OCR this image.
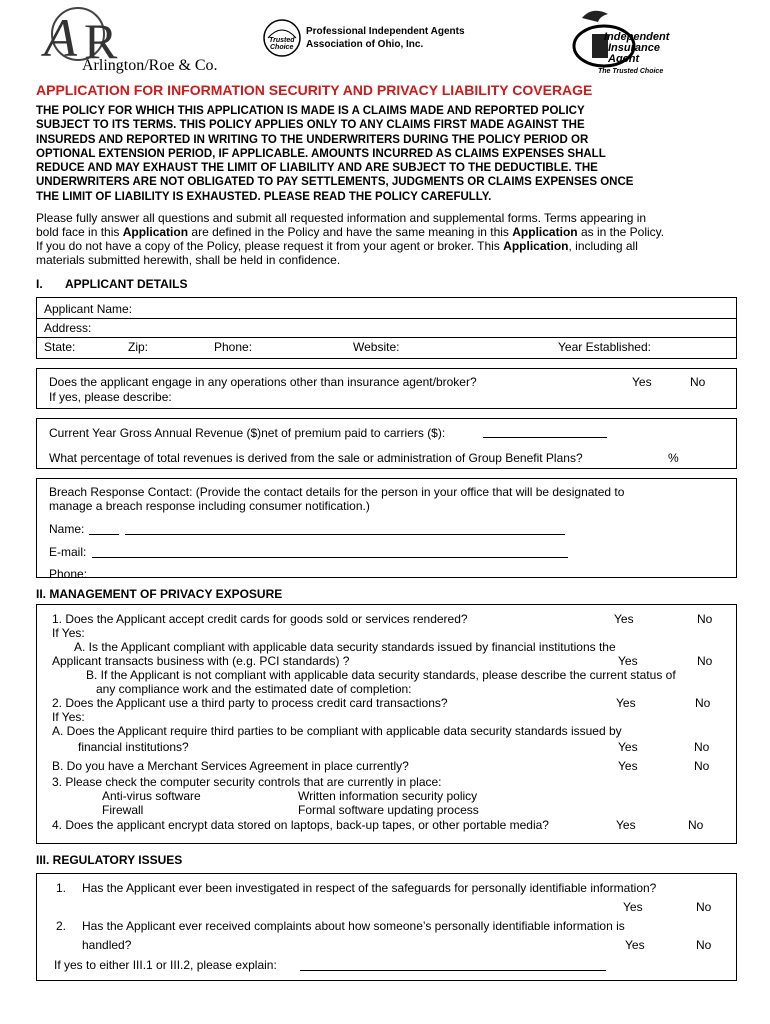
A R
Arlington/Roe & Co.
Trusted
Choice
Professional Independent Agents
Association of Ohio, Inc.
Independent
Insurance
Agent
The Trusted Choice
APPLICATION FOR INFORMATION SECURITY AND PRIVACY LIABILITY COVERAGE
THE POLICY FOR WHICH THIS APPLICATION IS MADE IS A CLAIMS MADE AND REPORTED POLICY
SUBJECT TO ITS TERMS. THIS POLICY APPLIES ONLY TO ANY CLAIMS FIRST MADE AGAINST THE
INSUREDS AND REPORTED IN WRITING TO THE UNDERWRITERS DURING THE POLICY PERIOD OR
OPTIONAL EXTENSION PERIOD, IF APPLICABLE. AMOUNTS INCURRED AS CLAIMS EXPENSES SHALL
REDUCE AND MAY EXHAUST THE LIMIT OF LIABILITY AND ARE SUBJECT TO THE DEDUCTIBLE. THE
UNDERWRITERS ARE NOT OBLIGATED TO PAY SETTLEMENTS, JUDGMENTS OR CLAIMS EXPENSES ONCE
THE LIMIT OF LIABILITY IS EXHAUSTED. PLEASE READ THE POLICY CAREFULLY.
Please fully answer all questions and submit all requested information and supplemental forms. Terms appearing in
bold face in this Application are defined in the Policy and have the same meaning in this Application as in the Policy.
If you do not have a copy of the Policy, please request it from your agent or broker. This Application, including all
materials submitted herewith, shall be held in confidence.
I. APPLICANT DETAILS
Applicant Name:
Address:
State:	Zip:	Phone:	Website:	Year Established:
Does the applicant engage in any operations other than insurance agent/broker?	Yes	No
If yes, please describe:
Current Year Gross Annual Revenue ($)net of premium paid to carriers ($):
What percentage of total revenues is derived from the sale or administration of Group Benefit Plans?	%
Breach Response Contact: (Provide the contact details for the person in your office that will be designated to
manage a breach response including consumer notification.)
Name:
E-mail:
Phone:
II. MANAGEMENT OF PRIVACY EXPOSURE
1. Does the Applicant accept credit cards for goods sold or services rendered?	Yes	No
If Yes:
A. Is the Applicant compliant with applicable data security standards issued by financial institutions the
Applicant transacts business with (e.g. PCI standards) ?	Yes	No
B. If the Applicant is not compliant with applicable data security standards, please describe the current status of
any compliance work and the estimated date of completion:
2. Does the Applicant use a third party to process credit card transactions?	Yes	No
If Yes:
A. Does the Applicant require third parties to be compliant with applicable data security standards issued by
financial institutions?	Yes	No
B. Do you have a Merchant Services Agreement in place currently?	Yes	No
3. Please check the computer security controls that are currently in place:
Anti-virus software	Written information security policy
Firewall	Formal software updating process
4. Does the applicant encrypt data stored on laptops, back-up tapes, or other portable media?	Yes	No
III. REGULATORY ISSUES
1. Has the Applicant ever been investigated in respect of the safeguards for personally identifiable information?
Yes	No
2. Has the Applicant ever received complaints about how someone’s personally identifiable information is
handled?	Yes	No
If yes to either III.1 or III.2, please explain:
